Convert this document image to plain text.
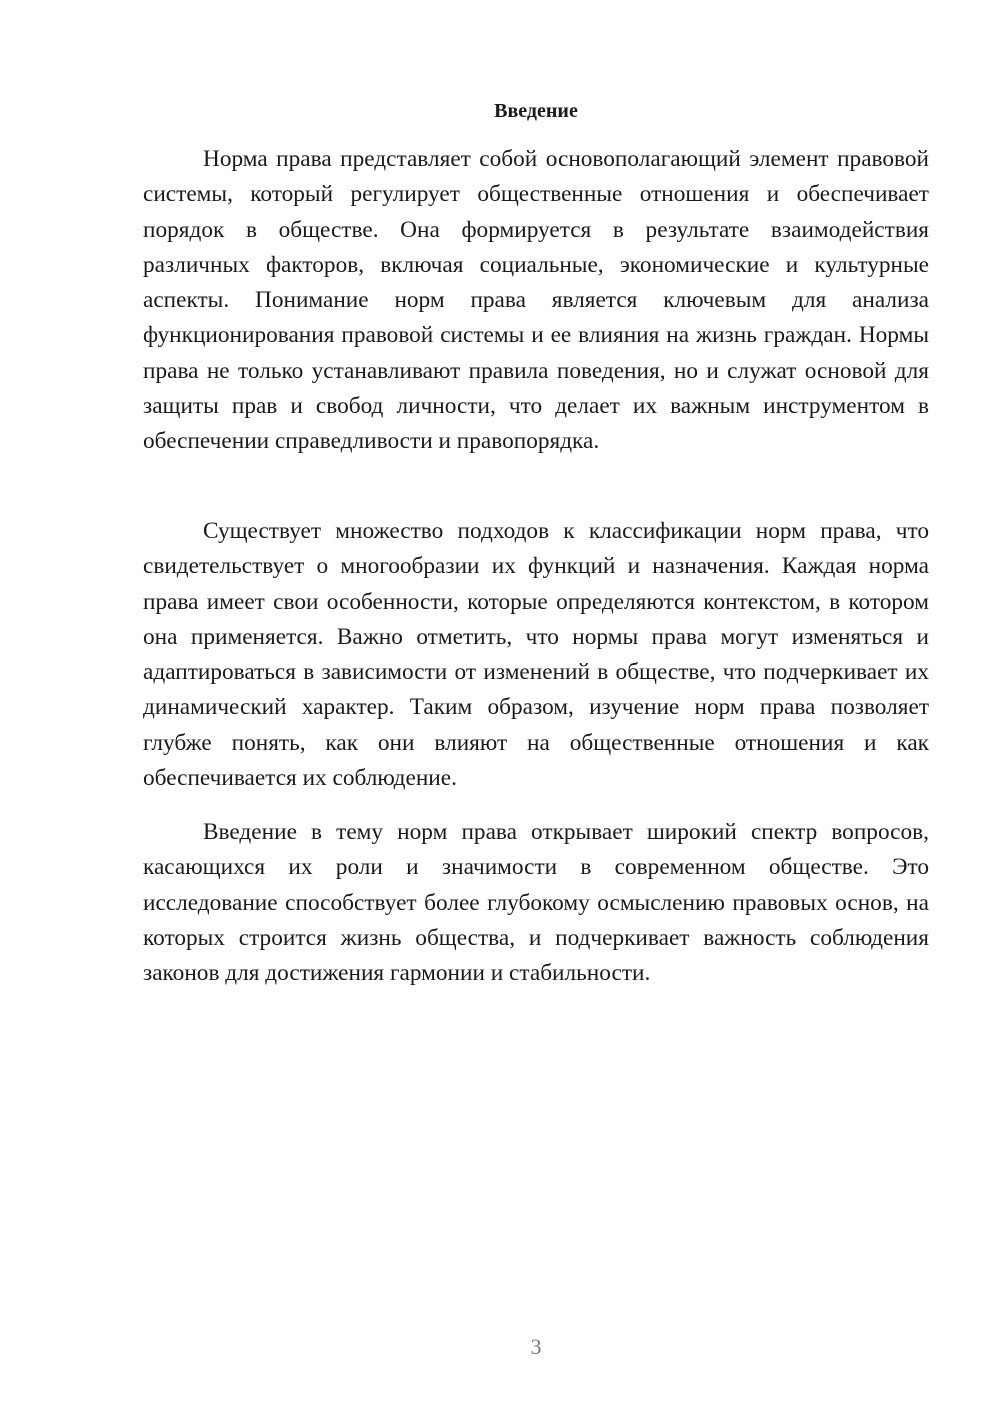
Введение

Норма права представляет собой основополагающий элемент правовой системы, который регулирует общественные отношения и обеспечивает порядок в обществе. Она формируется в результате взаимодействия различных факторов, включая социальные, экономические и культурные аспекты. Понимание норм права является ключевым для анализа функционирования правовой системы и ее влияния на жизнь граждан. Нормы права не только устанавливают правила поведения, но и служат основой для защиты прав и свобод личности, что делает их важным инструментом в обеспечении справедливости и правопорядка.

Существует множество подходов к классификации норм права, что свидетельствует о многообразии их функций и назначения. Каждая норма права имеет свои особенности, которые определяются контекстом, в котором она применяется. Важно отметить, что нормы права могут изменяться и адаптироваться в зависимости от изменений в обществе, что подчеркивает их динамический характер. Таким образом, изучение норм права позволяет глубже понять, как они влияют на общественные отношения и как обеспечивается их соблюдение.

Введение в тему норм права открывает широкий спектр вопросов, касающихся их роли и значимости в современном обществе. Это исследование способствует более глубокому осмыслению правовых основ, на которых строится жизнь общества, и подчеркивает важность соблюдения законов для достижения гармонии и стабильности.

3
